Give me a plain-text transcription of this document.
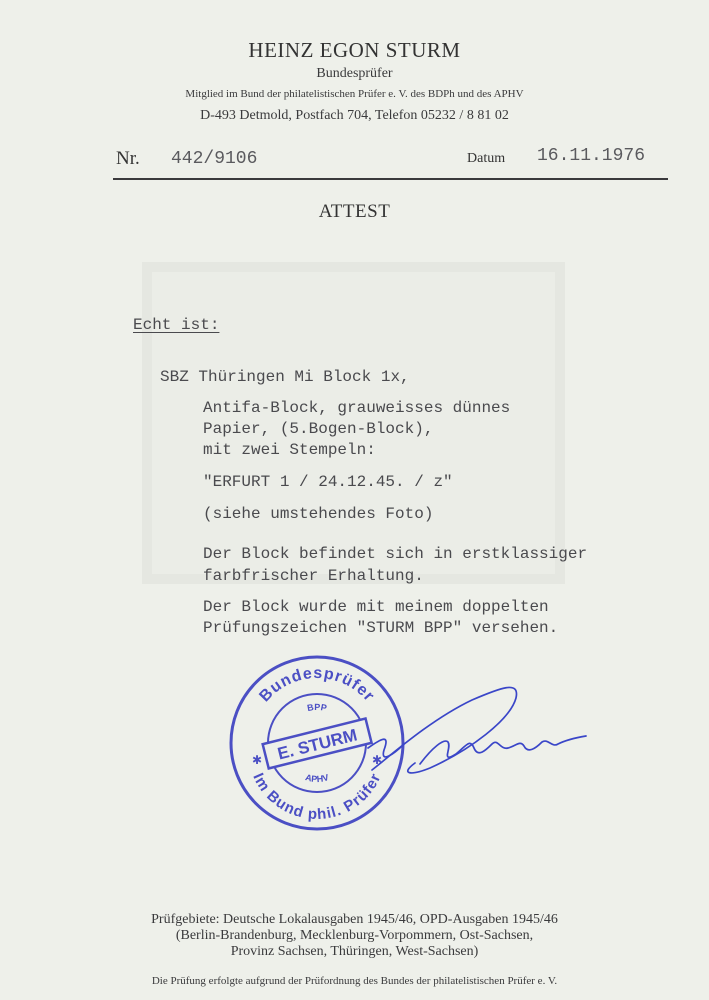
HEINZ EGON STURM
Bundesprüfer
Mitglied im Bund der philatelistischen Prüfer e. V. des BDPh und des APHV
D-493 Detmold, Postfach 704, Telefon 05232 / 8 81 02
Nr. 442/9106	Datum 16.11.1976
ATTEST
Echt ist:
SBZ Thüringen Mi Block 1x,
Antifa-Block, grauweisses dünnes
Papier, (5.Bogen-Block),
mit zwei Stempeln:
"ERFURT 1 / 24.12.45. / z"
(siehe umstehendes Foto)
Der Block befindet sich in erstklassiger
farbfrischer Erhaltung.
Der Block wurde mit meinem doppelten
Prüfungszeichen "STURM BPP" versehen.
Bundesprüfer
Im Bund phil. Prüfer
BPP
APHV
✱	✱
E. STURM
Prüfgebiete: Deutsche Lokalausgaben 1945/46, OPD-Ausgaben 1945/46
(Berlin-Brandenburg, Mecklenburg-Vorpommern, Ost-Sachsen,
Provinz Sachsen, Thüringen, West-Sachsen)
Die Prüfung erfolgte aufgrund der Prüfordnung des Bundes der philatelistischen Prüfer e. V.
